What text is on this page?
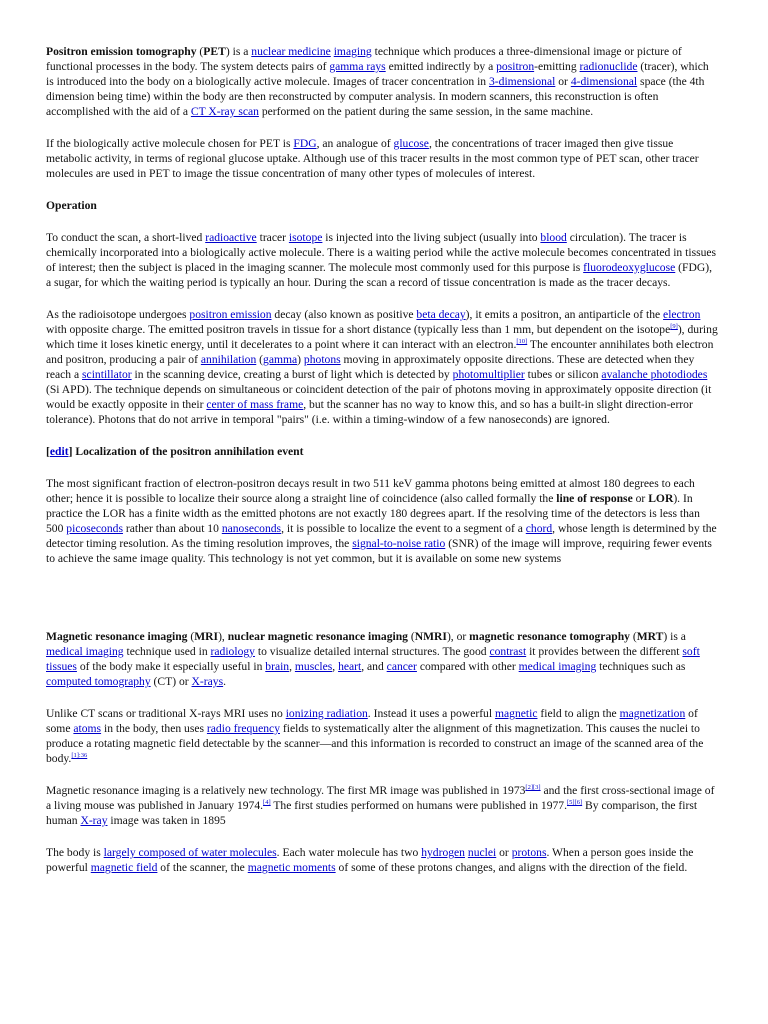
Positron emission tomography (PET) is a nuclear medicine imaging technique which produces a three-dimensional image or picture of functional processes in the body. The system detects pairs of gamma rays emitted indirectly by a positron-emitting radionuclide (tracer), which is introduced into the body on a biologically active molecule. Images of tracer concentration in 3-dimensional or 4-dimensional space (the 4th dimension being time) within the body are then reconstructed by computer analysis. In modern scanners, this reconstruction is often accomplished with the aid of a CT X-ray scan performed on the patient during the same session, in the same machine.

If the biologically active molecule chosen for PET is FDG, an analogue of glucose, the concentrations of tracer imaged then give tissue metabolic activity, in terms of regional glucose uptake. Although use of this tracer results in the most common type of PET scan, other tracer molecules are used in PET to image the tissue concentration of many other types of molecules of interest.

Operation

To conduct the scan, a short-lived radioactive tracer isotope is injected into the living subject (usually into blood circulation). The tracer is chemically incorporated into a biologically active molecule. There is a waiting period while the active molecule becomes concentrated in tissues of interest; then the subject is placed in the imaging scanner. The molecule most commonly used for this purpose is fluorodeoxyglucose (FDG), a sugar, for which the waiting period is typically an hour. During the scan a record of tissue concentration is made as the tracer decays.

As the radioisotope undergoes positron emission decay (also known as positive beta decay), it emits a positron, an antiparticle of the electron with opposite charge. The emitted positron travels in tissue for a short distance (typically less than 1 mm, but dependent on the isotope[9]), during which time it loses kinetic energy, until it decelerates to a point where it can interact with an electron.[10] The encounter annihilates both electron and positron, producing a pair of annihilation (gamma) photons moving in approximately opposite directions. These are detected when they reach a scintillator in the scanning device, creating a burst of light which is detected by photomultiplier tubes or silicon avalanche photodiodes (Si APD). The technique depends on simultaneous or coincident detection of the pair of photons moving in approximately opposite direction (it would be exactly opposite in their center of mass frame, but the scanner has no way to know this, and so has a built-in slight direction-error tolerance). Photons that do not arrive in temporal "pairs" (i.e. within a timing-window of a few nanoseconds) are ignored.

[edit] Localization of the positron annihilation event

The most significant fraction of electron-positron decays result in two 511 keV gamma photons being emitted at almost 180 degrees to each other; hence it is possible to localize their source along a straight line of coincidence (also called formally the line of response or LOR). In practice the LOR has a finite width as the emitted photons are not exactly 180 degrees apart. If the resolving time of the detectors is less than 500 picoseconds rather than about 10 nanoseconds, it is possible to localize the event to a segment of a chord, whose length is determined by the detector timing resolution. As the timing resolution improves, the signal-to-noise ratio (SNR) of the image will improve, requiring fewer events to achieve the same image quality. This technology is not yet common, but it is available on some new systems

Magnetic resonance imaging (MRI), nuclear magnetic resonance imaging (NMRI), or magnetic resonance tomography (MRT) is a medical imaging technique used in radiology to visualize detailed internal structures. The good contrast it provides between the different soft tissues of the body make it especially useful in brain, muscles, heart, and cancer compared with other medical imaging techniques such as computed tomography (CT) or X-rays.

Unlike CT scans or traditional X-rays MRI uses no ionizing radiation. Instead it uses a powerful magnetic field to align the magnetization of some atoms in the body, then uses radio frequency fields to systematically alter the alignment of this magnetization. This causes the nuclei to produce a rotating magnetic field detectable by the scanner—and this information is recorded to construct an image of the scanned area of the body.$^{[1]:36}$

Magnetic resonance imaging is a relatively new technology. The first MR image was published in 1973[2][3] and the first cross-sectional image of a living mouse was published in January 1974.[4] The first studies performed on humans were published in 1977.[5][6] By comparison, the first human X-ray image was taken in 1895

The body is largely composed of water molecules. Each water molecule has two hydrogen nuclei or protons. When a person goes inside the powerful magnetic field of the scanner, the magnetic moments of some of these protons changes, and aligns with the direction of the field.
